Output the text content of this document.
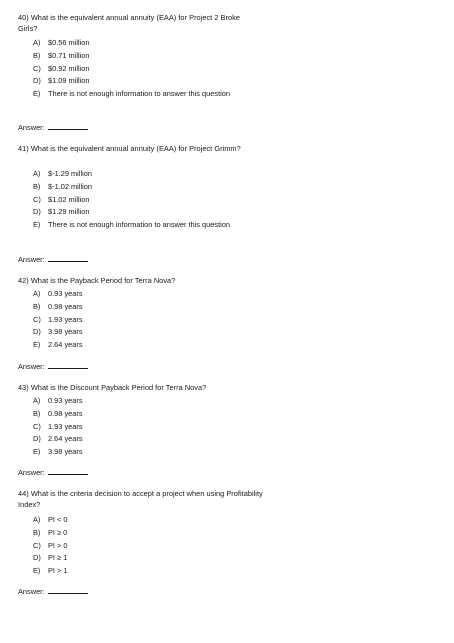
40) What is the equivalent annual annuity (EAA) for Project 2 Broke Girls?
A) $0.56 million
B) $0.71 million
C) $0.92 million
D) $1.09 million
E) There is not enough information to answer this question
Answer:
41) What is the equivalent annual annuity (EAA) for Project Grimm?
A) $-1.29 million
B) $-1.02 million
C) $1.02 million
D) $1.29 million
E) There is not enough information to answer this question
Answer:
42) What is the Payback Period for Terra Nova?
A) 0.93 years
B) 0.98 years
C) 1.93 years
D) 3.98 years
E) 2.64 years
Answer:
43) What is the Discount Payback Period for Terra Nova?
A) 0.93 years
B) 0.98 years
C) 1.93 years
D) 2.64 years
E) 3.98 years
Answer:
44) What is the criteria decision to accept a project when using Profitability Index?
A) PI < 0
B) PI ≥ 0
C) PI > 0
D) PI ≥ 1
E) PI > 1
Answer:
